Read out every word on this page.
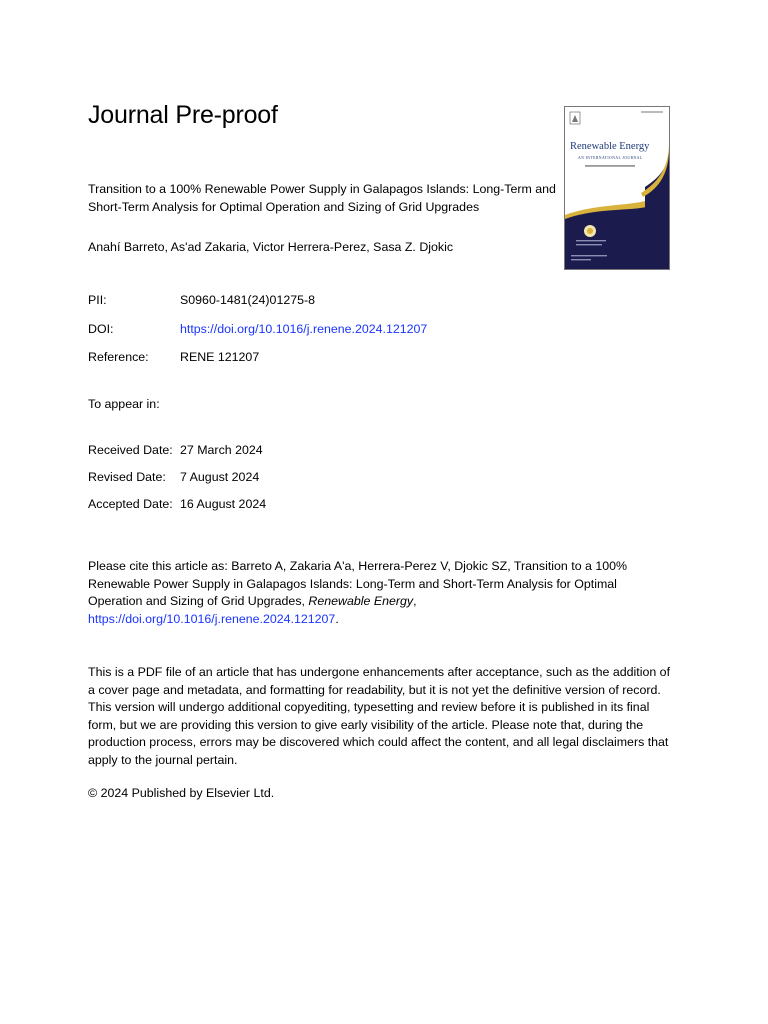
Journal Pre-proof
Transition to a 100% Renewable Power Supply in Galapagos Islands: Long-Term and Short-Term Analysis for Optimal Operation and Sizing of Grid Upgrades
Anahí Barreto, As'ad Zakaria, Victor Herrera-Perez, Sasa Z. Djokic
PII:	S0960-1481(24)01275-8
DOI:	https://doi.org/10.1016/j.renene.2024.121207
Reference:	RENE 121207
To appear in:
Received Date: 27 March 2024
Revised Date: 7 August 2024
Accepted Date: 16 August 2024
Please cite this article as: Barreto A, Zakaria A'a, Herrera-Perez V, Djokic SZ, Transition to a 100% Renewable Power Supply in Galapagos Islands: Long-Term and Short-Term Analysis for Optimal Operation and Sizing of Grid Upgrades, Renewable Energy, https://doi.org/10.1016/j.renene.2024.121207.
This is a PDF file of an article that has undergone enhancements after acceptance, such as the addition of a cover page and metadata, and formatting for readability, but it is not yet the definitive version of record. This version will undergo additional copyediting, typesetting and review before it is published in its final form, but we are providing this version to give early visibility of the article. Please note that, during the production process, errors may be discovered which could affect the content, and all legal disclaimers that apply to the journal pertain.
© 2024 Published by Elsevier Ltd.
Renewable Energy
AN INTERNATIONAL JOURNAL
